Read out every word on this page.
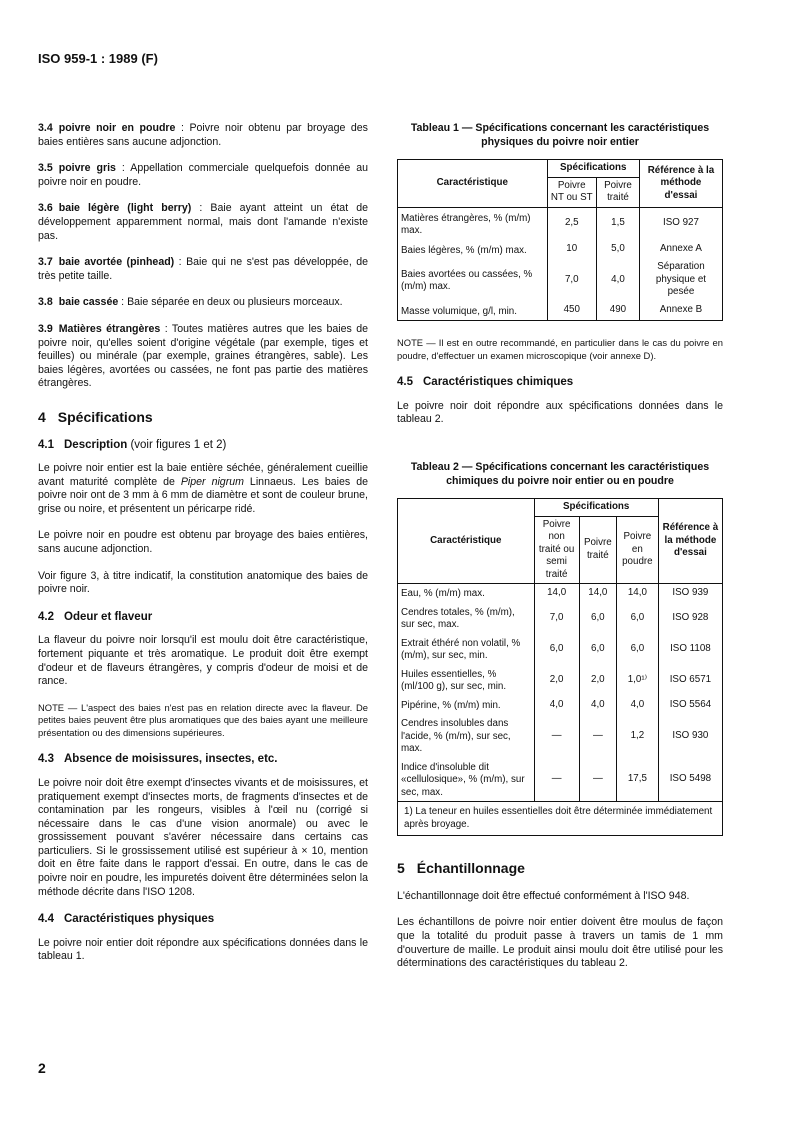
ISO 959-1 : 1989 (F)

3.4 poivre noir en poudre : Poivre noir obtenu par broyage des baies entières sans aucune adjonction.

3.5 poivre gris : Appellation commerciale quelquefois donnée au poivre noir en poudre.

3.6 baie légère (light berry) : Baie ayant atteint un état de développement apparemment normal, mais dont l'amande n'existe pas.

3.7 baie avortée (pinhead) : Baie qui ne s'est pas développée, de très petite taille.

3.8 baie cassée : Baie séparée en deux ou plusieurs morceaux.

3.9 Matières étrangères : Toutes matières autres que les baies de poivre noir, qu'elles soient d'origine végétale (par exemple, tiges et feuilles) ou minérale (par exemple, graines étrangères, sable). Les baies légères, avortées ou cassées, ne font pas partie des matières étrangères.

4 Spécifications
4.1 Description (voir figures 1 et 2)

Le poivre noir entier est la baie entière séchée, généralement cueillie avant maturité complète de Piper nigrum Linnaeus. Les baies de poivre noir ont de 3 mm à 6 mm de diamètre et sont de couleur brune, grise ou noire, et présentent un péricarpe ridé.

Le poivre noir en poudre est obtenu par broyage des baies entières, sans aucune adjonction.

Voir figure 3, à titre indicatif, la constitution anatomique des baies de poivre noir.

4.2 Odeur et flaveur

La flaveur du poivre noir lorsqu'il est moulu doit être caractéristique, fortement piquante et très aromatique. Le produit doit être exempt d'odeur et de flaveurs étrangères, y compris d'odeur de moisi et de rance.

NOTE — L'aspect des baies n'est pas en relation directe avec la flaveur. De petites baies peuvent être plus aromatiques que des baies ayant une meilleure présentation ou des dimensions supérieures.

4.3 Absence de moisissures, insectes, etc.

Le poivre noir doit être exempt d'insectes vivants et de moisissures, et pratiquement exempt d'insectes morts, de fragments d'insectes et de contamination par les rongeurs, visibles à l'œil nu (corrigé si nécessaire dans le cas d'une vision anormale) ou avec le grossissement pouvant s'avérer nécessaire dans certains cas particuliers. Si le grossissement utilisé est supérieur à × 10, mention doit en être faite dans le rapport d'essai. En outre, dans le cas de poivre noir en poudre, les impuretés doivent être déterminées selon la méthode décrite dans l'ISO 1208.

4.4 Caractéristiques physiques

Le poivre noir entier doit répondre aux spécifications données dans le tableau 1.

Tableau 1 — Spécifications concernant les caractéristiques physiques du poivre noir entier
Caractéristique	Spécifications		Référence à la méthode d'essai
	Poivre NT ou ST	Poivre traité	
Matières étrangères, % (m/m) max.	2,5	1,5	ISO 927
Baies légères, % (m/m) max.	10	5,0	Annexe A
Baies avortées ou cassées, % (m/m) max.	7,0	4,0	Séparation physique et pesée
Masse volumique, g/l, min.	450	490	Annexe B

NOTE — Il est en outre recommandé, en particulier dans le cas du poivre en poudre, d'effectuer un examen microscopique (voir annexe D).

4.5 Caractéristiques chimiques

Le poivre noir doit répondre aux spécifications données dans le tableau 2.

Tableau 2 — Spécifications concernant les caractéristiques chimiques du poivre noir entier ou en poudre
Caractéristique	Spécifications			Référence à la méthode d'essai
	Poivre non traité ou semi traité	Poivre traité	Poivre en poudre	
Eau, % (m/m) max.	14,0	14,0	14,0	ISO 939
Cendres totales, % (m/m), sur sec, max.	7,0	6,0	6,0	ISO 928
Extrait éthéré non volatil, % (m/m), sur sec, min.	6,0	6,0	6,0	ISO 1108
Huiles essentielles, % (ml/100 g), sur sec, min.	2,0	2,0	1,0¹⁾	ISO 6571
Pipérine, % (m/m) min.	4,0	4,0	4,0	ISO 5564
Cendres insolubles dans l'acide, % (m/m), sur sec, max.	—	—	1,2	ISO 930
Indice d'insoluble dit «cellulosique», % (m/m), sur sec, max.	—	—	17,5	ISO 5498
1) La teneur en huiles essentielles doit être déterminée immédiatement après broyage.				
5 Échantillonnage

L'échantillonnage doit être effectué conformément à l'ISO 948.

Les échantillons de poivre noir entier doivent être moulus de façon que la totalité du produit passe à travers un tamis de 1 mm d'ouverture de maille. Le produit ainsi moulu doit être utilisé pour les déterminations des caractéristiques du tableau 2.

2
